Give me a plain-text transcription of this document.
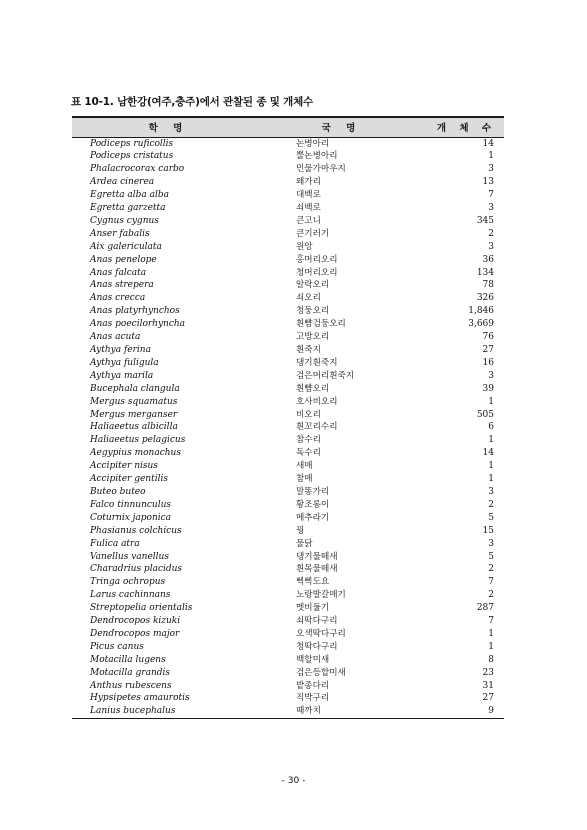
표 10-1. 남한강(여주,충주)에서 관찰된 종 및 개체수
학 명	국 명	개 체 수
Podiceps ruficollis	논병아리	14
Podiceps cristatus	뿔논병아리	1
Phalacrocorax carbo	민물가마우지	3
Ardea cinerea	왜가리	13
Egretta alba alba	대백로	7
Egretta garzetta	쇠백로	3
Cygnus cygnus	큰고니	345
Anser fabalis	큰기러기	2
Aix galericulata	원앙	3
Anas penelope	홍머리오리	36
Anas falcata	청머리오리	134
Anas strepera	알락오리	78
Anas crecca	쇠오리	326
Anas platyrhynchos	청둥오리	1,846
Anas poecilorhyncha	흰뺨검둥오리	3,669
Anas acuta	고방오리	76
Aythya ferina	흰죽지	27
Aythya fuligula	댕기흰죽지	16
Aythya marila	검은머리흰죽지	3
Bucephala clangula	흰뺨오리	39
Mergus squamatus	호사비오리	1
Mergus merganser	비오리	505
Haliaeetus albicilla	흰꼬리수리	6
Haliaeetus pelagicus	참수리	1
Aegypius monachus	독수리	14
Accipiter nisus	새매	1
Accipiter gentilis	참매	1
Buteo buteo	말똥가리	3
Falco tinnunculus	황조롱이	2
Coturnix japonica	메추라기	5
Phasianus colchicus	꿩	15
Fulica atra	물닭	3
Vanellus vanellus	댕기물떼새	5
Charadrius placidus	흰목물떼새	2
Tringa ochropus	삑삑도요	7
Larus cachinnans	노랑발갈매기	2
Streptopelia orientalis	멧비둘기	287
Dendrocopos kizuki	쇠딱다구리	7
Dendrocopos major	오색딱다구리	1
Picus canus	청딱다구리	1
Motacilla lugens	백할미새	8
Motacilla grandis	검은등할미새	23
Anthus rubescens	밭종다리	31
Hypsipetes amaurotis	직박구리	27
Lanius bucephalus	때까치	9
- 30 -
